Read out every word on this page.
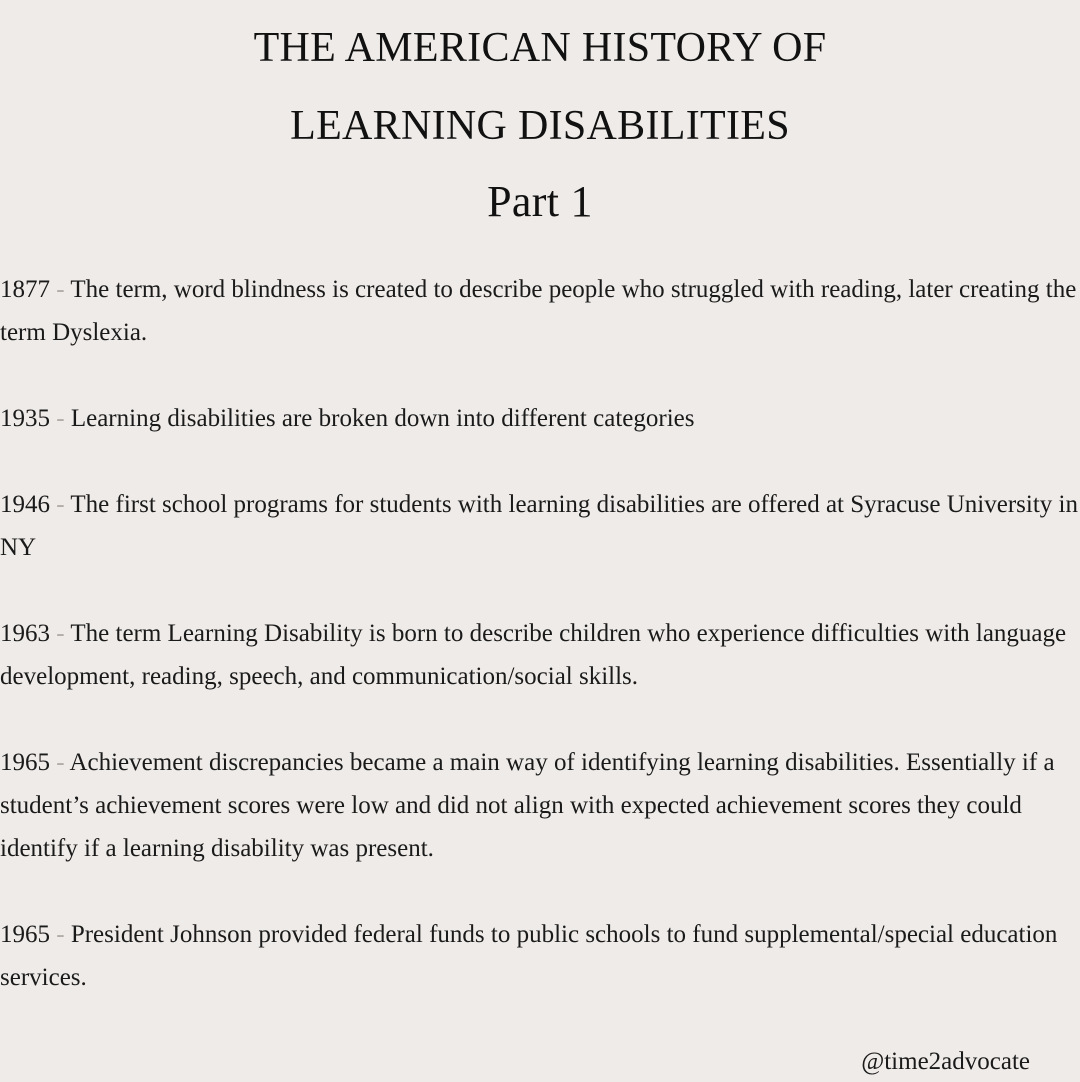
THE AMERICAN HISTORY OF
LEARNING DISABILITIES
Part 1

1877 - The term, word blindness is created to describe people who struggled with reading, later creating the term Dyslexia.

1935 - Learning disabilities are broken down into different categories

1946 - The first school programs for students with learning disabilities are offered at Syracuse University in NY

1963 - The term Learning Disability is born to describe children who experience difficulties with language development, reading, speech, and communication/social skills.

1965 - Achievement discrepancies became a main way of identifying learning disabilities. Essentially if a student’s achievement scores were low and did not align with expected achievement scores they could identify if a learning disability was present.

1965 - President Johnson provided federal funds to public schools to fund supplemental/special education services.

@time2advocate
